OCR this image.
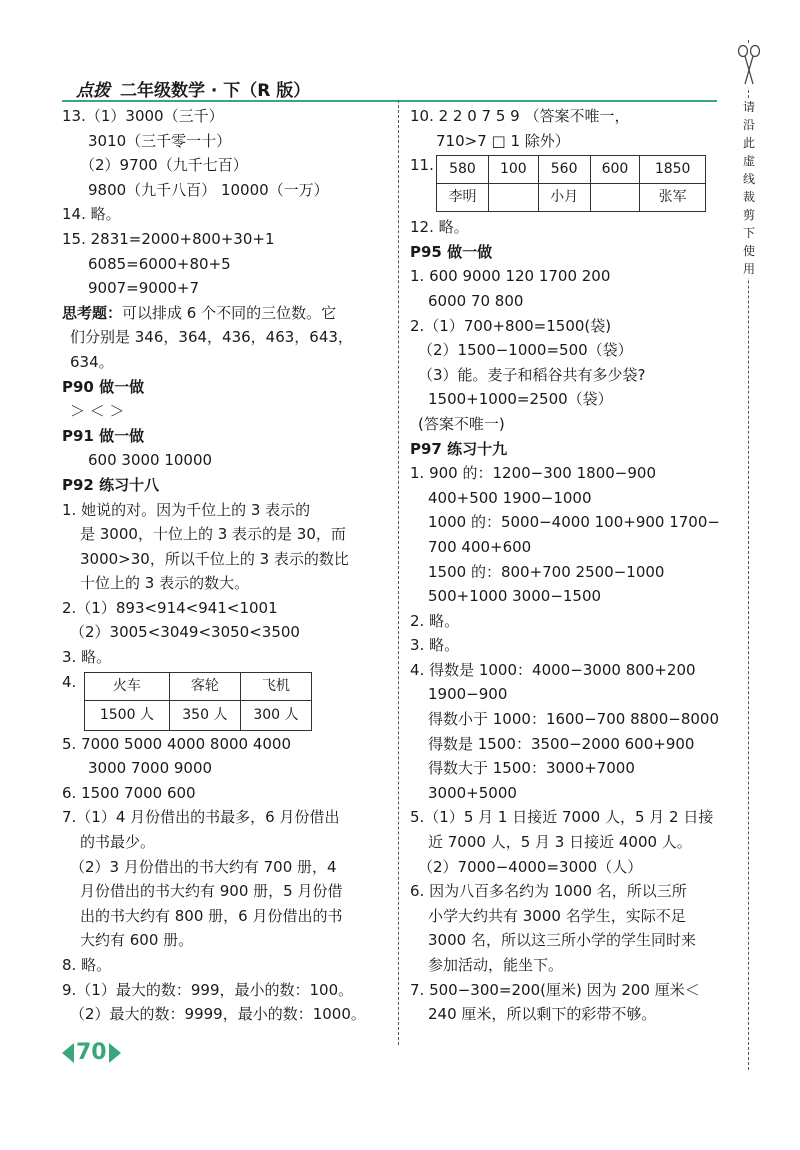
点拨 二年级数学 · 下（R 版）
13.（1）3000（三千）
3010（三千零一十）
（2）9700（九千七百）
9800（九千八百） 10000（一万）
14. 略。
15. 2831=2000+800+30+1
6085=6000+80+5
9007=9000+7
思考题：可以排成 6 个不同的三位数。它
们分别是 346，364，436，463，643，
634。
P90 做一做
＞ ＜ ＞
P91 做一做
600 3000 10000
P92 练习十八
1. 她说的对。因为千位上的 3 表示的
是 3000，十位上的 3 表示的是 30，而
3000>30，所以千位上的 3 表示的数比
十位上的 3 表示的数大。
2.（1）893<914<941<1001
（2）3005<3049<3050<3500
3. 略。
4.	火车	客轮	飞机
1500 人	350 人	300 人
5. 7000 5000 4000 8000 4000
3000 7000 9000
6. 1500 7000 600
7.（1）4 月份借出的书最多，6 月份借出
的书最少。
（2）3 月份借出的书大约有 700 册，4
月份借出的书大约有 900 册，5 月份借
出的书大约有 800 册，6 月份借出的书
大约有 600 册。
8. 略。
9.（1）最大的数：999，最小的数：100。
（2）最大的数：9999，最小的数：1000。
10. 2 2 0 7 5 9 （答案不唯一，
710>7 □ 1 除外）
11. 580	100	560	600	1850
李明		小月		张军
12. 略。
P95 做一做
1. 600 9000 120 1700 200
6000 70 800
2.（1）700+800=1500(袋)
（2）1500−1000=500（袋）
（3）能。麦子和稻谷共有多少袋?
1500+1000=2500（袋）
(答案不唯一)
P97 练习十九
1. 900 的：1200−300 1800−900
400+500 1900−1000
1000 的：5000−4000 100+900 1700−
700 400+600
1500 的：800+700 2500−1000
500+1000 3000−1500
2. 略。
3. 略。
4. 得数是 1000：4000−3000 800+200
1900−900
得数小于 1000：1600−700 8800−8000
得数是 1500：3500−2000 600+900
得数大于 1500：3000+7000
3000+5000
5.（1）5 月 1 日接近 7000 人，5 月 2 日接
近 7000 人，5 月 3 日接近 4000 人。
（2）7000−4000=3000（人）
6. 因为八百多名约为 1000 名，所以三所
小学大约共有 3000 名学生，实际不足
3000 名，所以这三所小学的学生同时来
参加活动，能坐下。
7. 500−300=200(厘米) 因为 200 厘米＜
240 厘米，所以剩下的彩带不够。
请沿此虚线裁剪下使用
70
